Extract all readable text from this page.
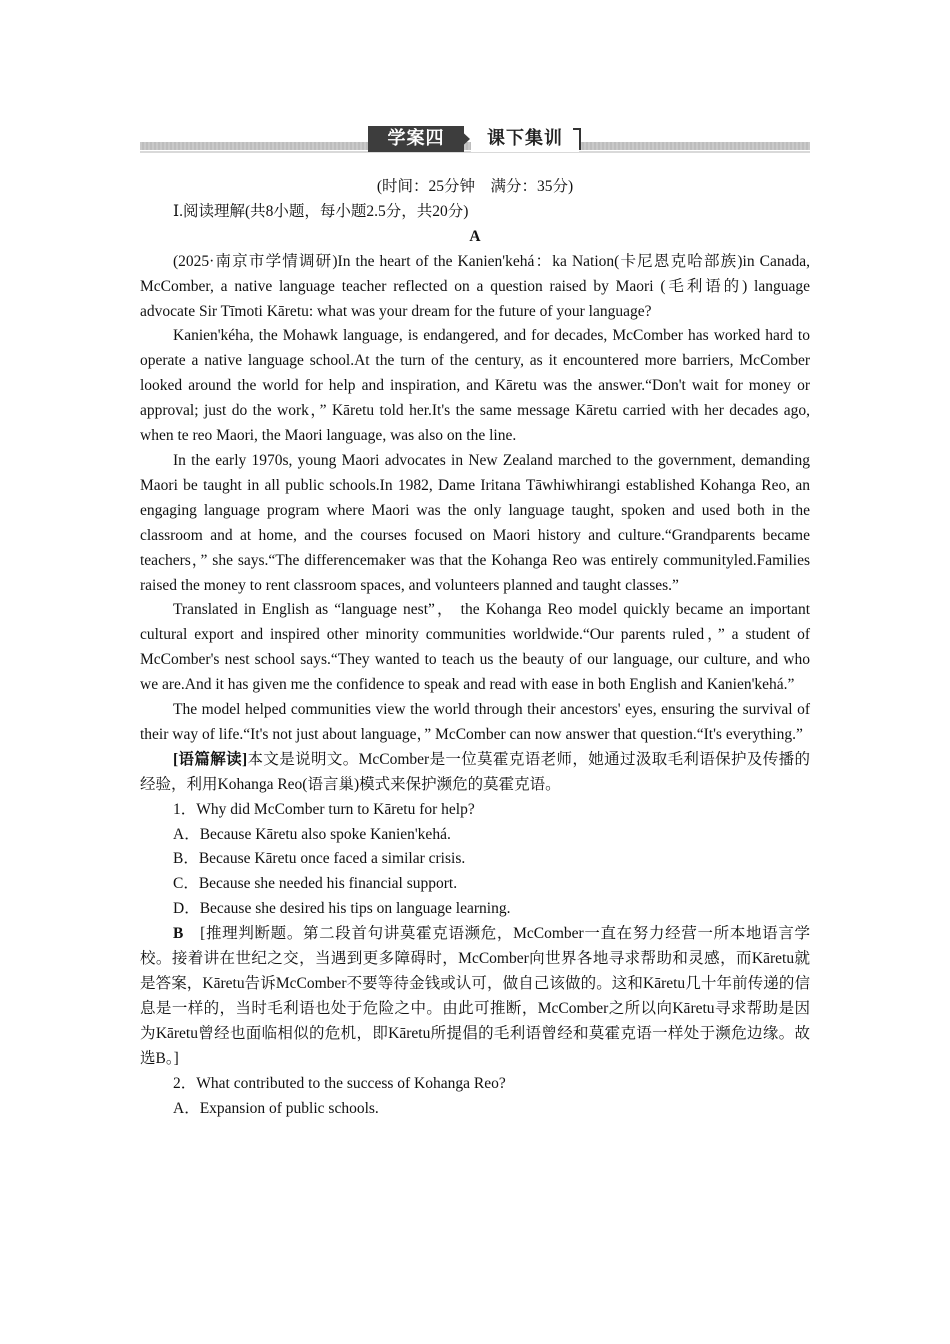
学案四	课下集训

(时间：25分钟　满分：35分)

Ⅰ.阅读理解(共8小题，每小题2.5分，共20分)

A

(2025·南京市学情调研)In the heart of the Kanien'kehá：ka Nation(卡尼恩克哈部族)in Canada, McComber, a native language teacher reflected on a question raised by Maori (毛利语的) language advocate Sir Tīmoti Kāretu: what was your dream for the future of your language?

Kanien'kéha, the Mohawk language, is endangered, and for decades, McComber has worked hard to operate a native language school.At the turn of the century, as it encountered more barriers, McComber looked around the world for help and inspiration, and Kāretu was the answer.“Don't wait for money or approval; just do the work，” Kāretu told her.It's the same message Kāretu carried with her decades ago, when te reo Maori, the Maori language, was also on the line.

In the early 1970s, young Maori advocates in New Zealand marched to the government, demanding Maori be taught in all public schools.In 1982, Dame Iritana Tāwhiwhirangi established Kohanga Reo, an engaging language program where Maori was the only language taught, spoken and used both in the classroom and at home, and the courses focused on Maori history and culture.“Grandparents became teachers，” she says.“The differencemaker was that the Kohanga Reo was entirely communityled.Families raised the money to rent classroom spaces, and volunteers planned and taught classes.”

Translated in English as “language nest”， the Kohanga Reo model quickly became an important cultural export and inspired other minority communities worldwide.“Our parents ruled，” a student of McComber's nest school says.“They wanted to teach us the beauty of our language, our culture, and who we are.And it has given me the confidence to speak and read with ease in both English and Kanien'kehá.”

The model helped communities view the world through their ancestors' eyes, ensuring the survival of their way of life.“It's not just about language，” McComber can now answer that question.“It's everything.”

[语篇解读]本文是说明文。McComber是一位莫霍克语老师，她通过汲取毛利语保护及传播的经验，利用Kohanga Reo(语言巢)模式来保护濒危的莫霍克语。

1．Why did McComber turn to Kāretu for help?

A．Because Kāretu also spoke Kanien'kehá.

B．Because Kāretu once faced a similar crisis.

C．Because she needed his financial support.

D．Because she desired his tips on language learning.

B　 [推理判断题。第二段首句讲莫霍克语濒危，McComber一直在努力经营一所本地语言学校。接着讲在世纪之交，当遇到更多障碍时，McComber向世界各地寻求帮助和灵感，而Kāretu就是答案，Kāretu告诉McComber不要等待金钱或认可，做自己该做的。这和Kāretu几十年前传递的信息是一样的，当时毛利语也处于危险之中。由此可推断，McComber之所以向Kāretu寻求帮助是因为Kāretu曾经也面临相似的危机，即Kāretu所提倡的毛利语曾经和莫霍克语一样处于濒危边缘。故选B。]

2．What contributed to the success of Kohanga Reo?

A．Expansion of public schools.
